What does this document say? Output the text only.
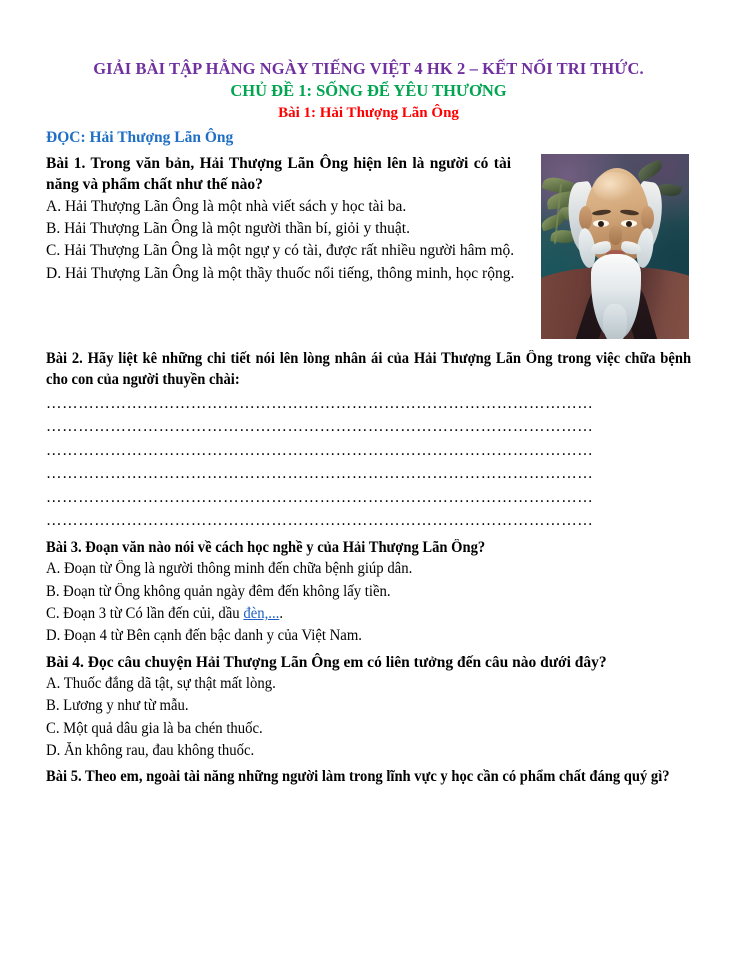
GIẢI BÀI TẬP HẰNG NGÀY TIẾNG VIỆT 4 HK 2 – KẾT NỐI TRI THỨC.
CHỦ ĐỀ 1: SỐNG ĐỂ YÊU THƯƠNG
Bài 1: Hải Thượng Lãn Ông
ĐỌC: Hải Thượng Lãn Ông
Bài 1. Trong văn bản, Hải Thượng Lãn Ông hiện lên là người có tài năng và phẩm chất như thế nào?
A. Hải Thượng Lãn Ông là một nhà viết sách y học tài ba.
B. Hải Thượng Lãn Ông là một người thần bí, giỏi y thuật.
C. Hải Thượng Lãn Ông là một ngự y có tài, được rất nhiều người hâm mộ.
D. Hải Thượng Lãn Ông là một thầy thuốc nổi tiếng, thông minh, học rộng.
Bài 2. Hãy liệt kê những chi tiết nói lên lòng nhân ái của Hải Thượng Lãn Ông trong việc chữa bệnh cho con của người thuyền chài:
…………………………………………………………………………………………
…………………………………………………………………………………………
…………………………………………………………………………………………
…………………………………………………………………………………………
…………………………………………………………………………………………
…………………………………………………………………………………………
Bài 3. Đoạn văn nào nói về cách học nghề y của Hải Thượng Lãn Ông?
A. Đoạn từ Ông là người thông minh đến chữa bệnh giúp dân.
B. Đoạn từ Ông không quản ngày đêm đến không lấy tiền.
C. Đoạn 3 từ Có lần đến củi, dầu đèn,....
D. Đoạn 4 từ Bên cạnh đến bậc danh y của Việt Nam.
Bài 4. Đọc câu chuyện Hải Thượng Lãn Ông em có liên tưởng đến câu nào dưới đây?
A. Thuốc đắng dã tật, sự thật mất lòng.
B. Lương y như từ mẫu.
C. Một quả dâu gia là ba chén thuốc.
D. Ăn không rau, đau không thuốc.
Bài 5. Theo em, ngoài tài năng những người làm trong lĩnh vực y học cần có phẩm chất đáng quý gì?
